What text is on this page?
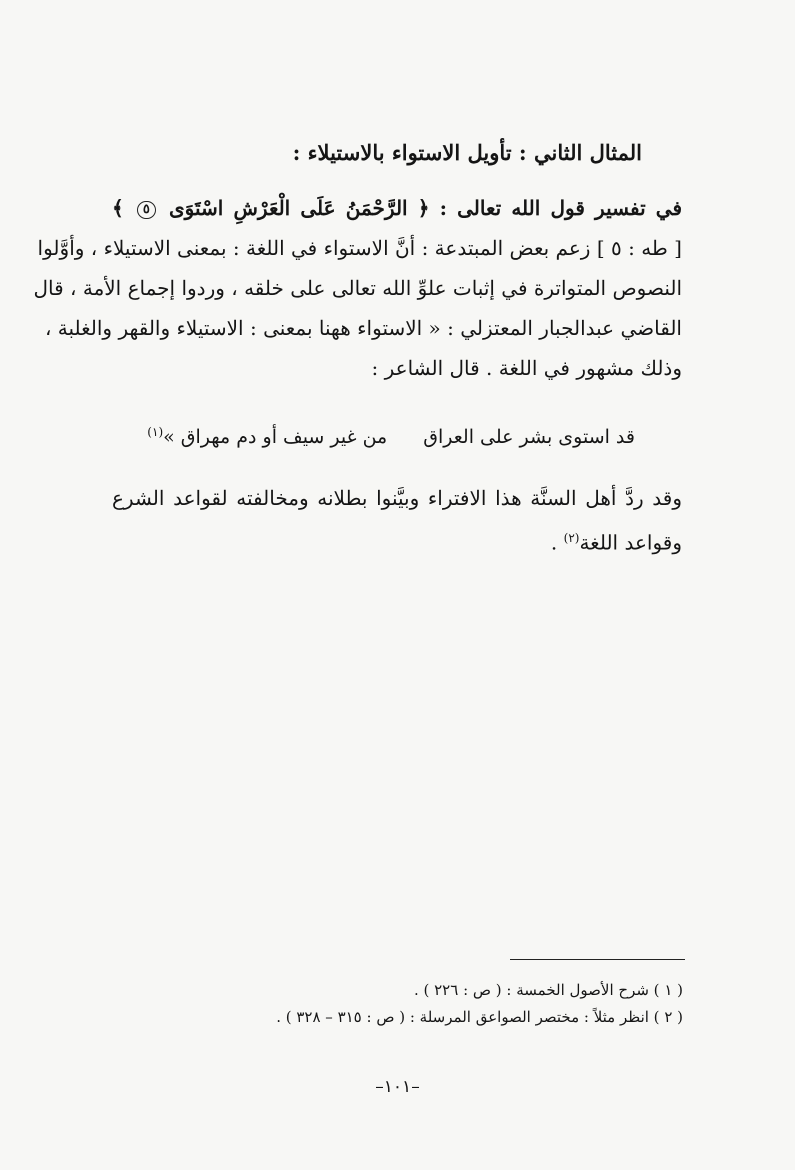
المثال الثاني : تأويل الاستواء بالاستيلاء :
في تفسير قول الله تعالى : ﴿ الرَّحْمَنُ عَلَى الْعَرْشِ اسْتَوَى ٥ ﴾
[ طه : ٥ ] زعم بعض المبتدعة : أنَّ الاستواء في اللغة : بمعنى الاستيلاء ، وأوَّلوا
النصوص المتواترة في إثبات علوِّ الله تعالى على خلقه ، وردوا إجماع الأمة ، قال
القاضي عبدالجبار المعتزلي : « الاستواء ههنا بمعنى : الاستيلاء والقهر والغلبة ،
وذلك مشهور في اللغة . قال الشاعر :
قد استوى بشر على العراقمن غير سيف أو دم مهراق »$^{(١)}$
وقد ردَّ أهل السنَّة هذا الافتراء وبيَّنوا بطلانه ومخالفته لقواعد الشرع
وقواعد اللغة$^{(٢)}$ .
( ١ ) شرح الأصول الخمسة : ( ص : ٢٢٦ ) .
( ٢ ) انظر مثلاً : مختصر الصواعق المرسلة : ( ص : ٣١٥ – ٣٢٨ ) .
–١٠١–
